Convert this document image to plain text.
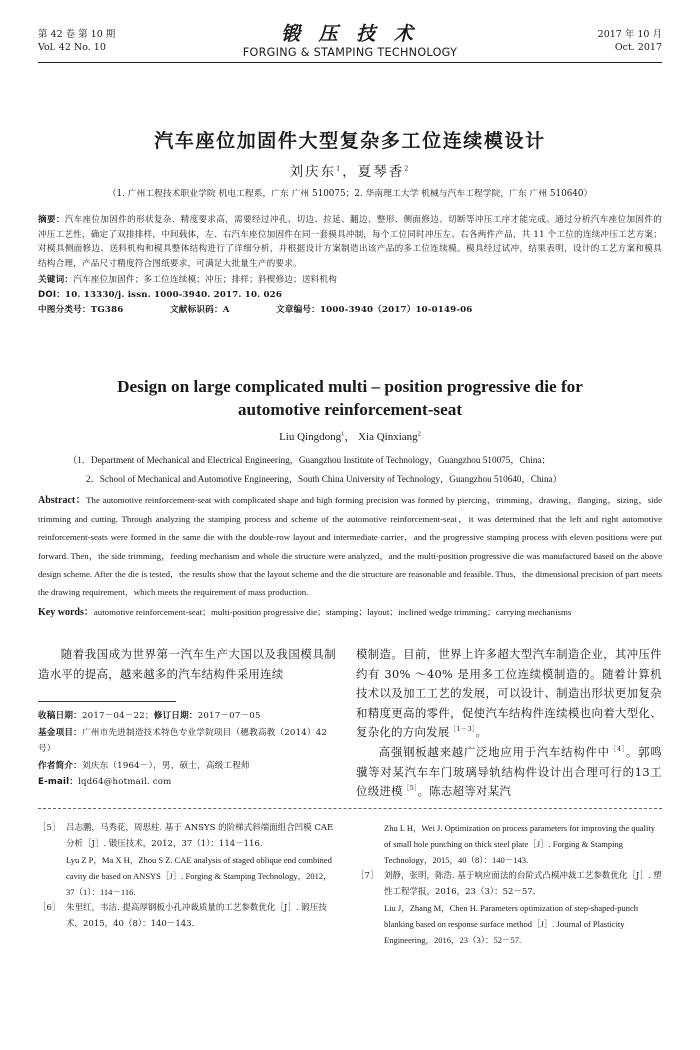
第 42 卷 第 10 期
Vol. 42 No. 10
锻 压 技 术
FORGING & STAMPING TECHNOLOGY
2017 年 10 月
Oct. 2017
汽车座位加固件大型复杂多工位连续模设计
刘庆东$^1$，夏琴香$^2$
（1. 广州工程技术职业学院 机电工程系，广东 广州 510075；2. 华南理工大学 机械与汽车工程学院，广东 广州 510640）
摘要：汽车座位加固件的形状复杂、精度要求高，需要经过冲孔、切边、拉延、翻边、整形、侧面修边、切断等冲压工序才能完成。通过分析汽车座位加固件的冲压工艺性，确定了双排排样，中间载体，左、右汽车座位加固件在同一套模具冲制，每个工位同时冲压左、右各两件产品，共 11 个工位的连续冲压工艺方案；对模具侧面修边、送料机构和模具整体结构进行了详细分析，并根据设计方案制造出该产品的多工位连续模。模具经过试冲，结果表明，设计的工艺方案和模具结构合理，产品尺寸精度符合图纸要求，可满足大批量生产的要求。
关键词：汽车座位加固件；多工位连续模；冲压；排样；斜楔修边；送料机构
DOI：10. 13330/j. issn. 1000-3940. 2017. 10. 026
中图分类号：TG386	文献标识码：A	文章编号：1000-3940（2017）10-0149-06
Design on large complicated multi – position progressive die for
automotive reinforcement-seat
Liu Qingdong$^1$， Xia Qinxiang$^2$
（1．Department of Mechanical and Electrical Engineering，Guangzhou Institute of Technology，Guangzhou 510075，China；
2．School of Mechanical and Automotive Engineering，South China University of Technology，Guangzhou 510640，China）
Abstract：The automotive reinforcement-seat with complicated shape and high forming precision was formed by piercing，trimming，drawing，flanging，sizing，side trimming and cutting. Through analyzing the stamping process and scheme of the automotive reinforcement-seat，it was determined that the left and right automotive reinforcement-seats were formed in the same die with the double-row layout and intermediate carrier，and the progressive stamping process with eleven positions were put forward. Then，the side trimming，feeding mechanism and whole die structure were analyzed，and the multi-position progressive die was manufactured based on the above design scheme. After the die is tested，the results show that the layout scheme and the die structure are reasonable and feasible. Thus，the dimensional precision of part meets the drawing requirement，which meets the requirement of mass production.
Key words：automotive reinforcement-seat；multi-position progressive die；stamping；layout；inclined wedge trimming；carrying mechanisms
随着我国成为世界第一汽车生产大国以及我国模具制造水平的提高，越来越多的汽车结构件采用连续
收稿日期：2017－04－22；修订日期：2017－07－05
基金项目：广州市先进制造技术特色专业学院项目（穗教高教（2014）42 号）
作者简介：刘庆东（1964－），男，硕士，高级工程师
E-mail：lqd64@hotmail. com
模制造。目前，世界上许多超大型汽车制造企业，其冲压件约有 30% ～40% 是用多工位连续模制造的。随着计算机技术以及加工工艺的发展，可以设计、制造出形状更加复杂和精度更高的零件，促使汽车结构件连续模也向着大型化、复杂化的方向发展$^{[1-3]}$。
高强钢板越来越广泛地应用于汽车结构件中$^{[4]}$。郭鸣骥等对某汽车车门玻璃导轨结构件设计出合理可行的13工位级进模$^{[5]}$。陈志超等对某汽
［5］ 吕志鹏，马秀花，周思柱. 基于 ANSYS 的阶梯式斜端面组合凹模 CAE 分析［J］. 锻压技术，2012，37（1）：114－116.
Lyu Z P，Ma X H，Zhou S Z. CAE analysis of staged oblique end combined cavity die based on ANSYS［J］. Forging & Stamping Technology，2012，37（1）：114－116.
［6］ 朱里红，韦洁. 提高厚钢板小孔冲裁质量的工艺参数优化［J］. 锻压技术，2015，40（8）：140－143.
Zhu L H，Wei J. Optimization on process parameters for improving the quality of small hole punching on thick steel plate［J］. Forging & Stamping Technology，2015，40（8）：140－143.
［7］ 刘静，张明，陈浩. 基于响应面法的台阶式凸模冲裁工艺参数优化［J］. 塑性工程学报，2016，23（3）：52－57.
Liu J，Zhang M，Chen H. Parameters optimization of step-shaped-punch blanking based on response surface method［J］. Journal of Plasticity Engineering，2016，23（3）：52－57.
